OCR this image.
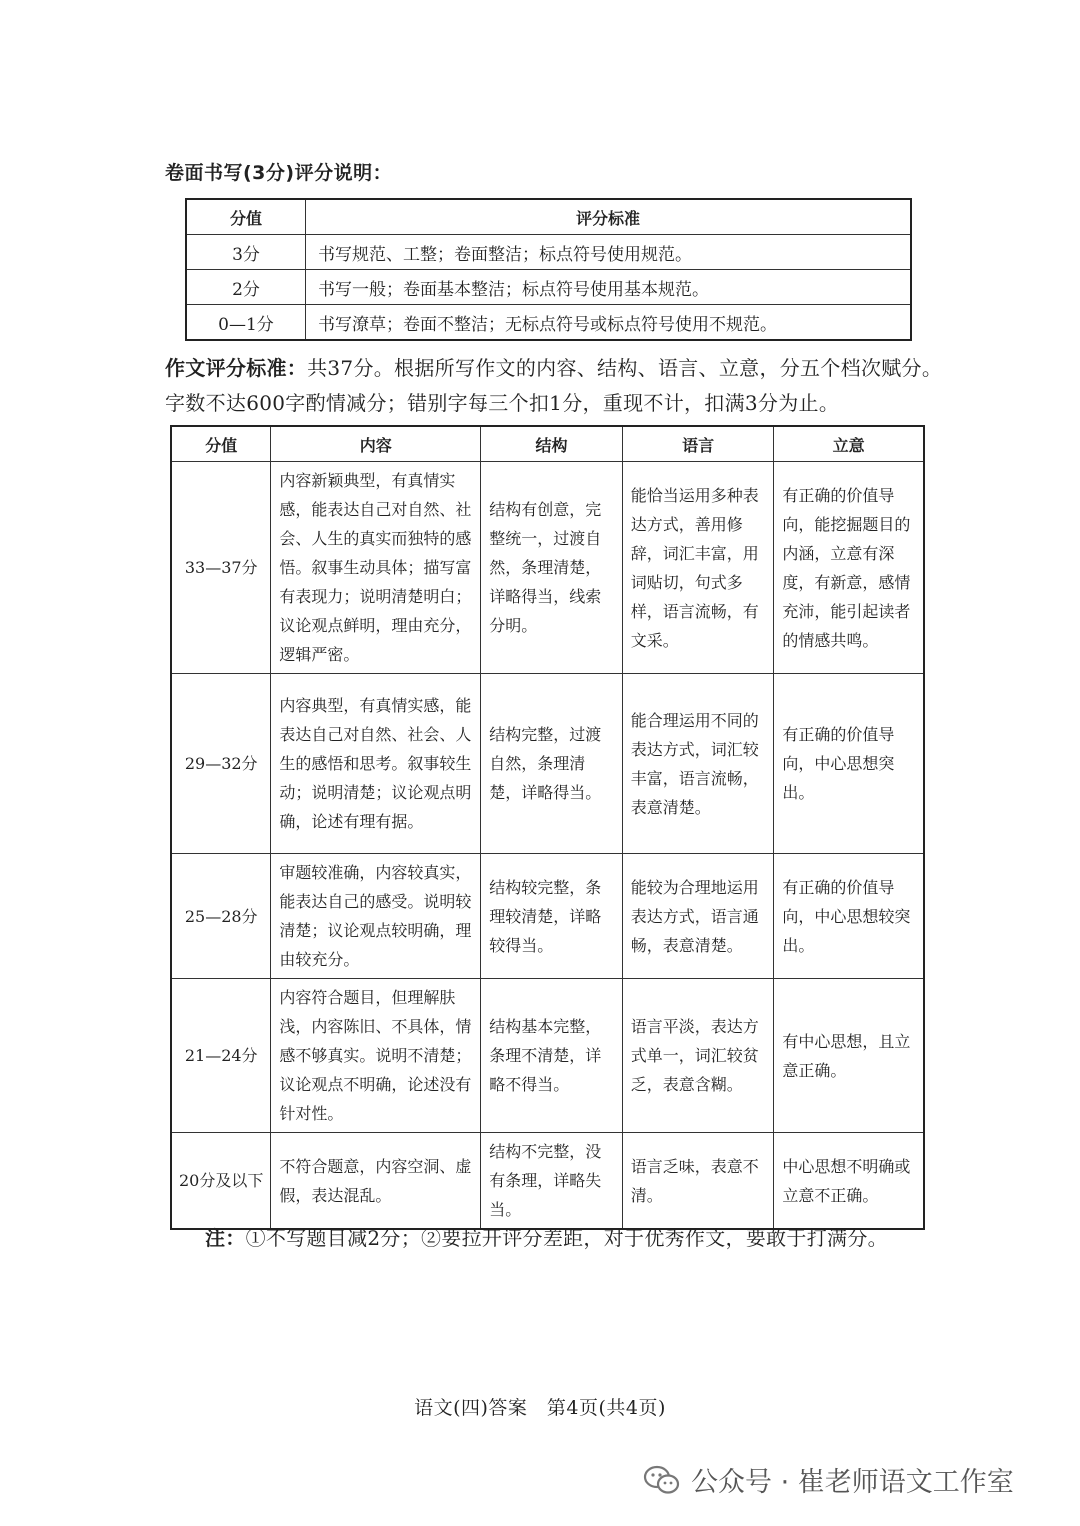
卷面书写(3分)评分说明：
分值	评分标准
3分	书写规范、工整；卷面整洁；标点符号使用规范。
2分	书写一般；卷面基本整洁；标点符号使用基本规范。
0—1分	书写潦草；卷面不整洁；无标点符号或标点符号使用不规范。
作文评分标准：共37分。根据所写作文的内容、结构、语言、立意，分五个档次赋分。
字数不达600字酌情减分；错别字每三个扣1分，重现不计，扣满3分为止。
分值	内容	结构	语言	立意
33—37分	内容新颖典型，有真情实感，能表达自己对自然、社会、人生的真实而独特的感悟。叙事生动具体；描写富有表现力；说明清楚明白；议论观点鲜明，理由充分，逻辑严密。	结构有创意，完整统一，过渡自然，条理清楚，详略得当，线索分明。	能恰当运用多种表达方式，善用修辞，词汇丰富，用词贴切，句式多样，语言流畅，有文采。	有正确的价值导向，能挖掘题目的内涵，立意有深度，有新意，感情充沛，能引起读者的情感共鸣。
29—32分	内容典型，有真情实感，能表达自己对自然、社会、人生的感悟和思考。叙事较生动；说明清楚；议论观点明确，论述有理有据。	结构完整，过渡自然，条理清楚，详略得当。	能合理运用不同的表达方式，词汇较丰富，语言流畅，表意清楚。	有正确的价值导向，中心思想突出。
25—28分	审题较准确，内容较真实，能表达自己的感受。说明较清楚；议论观点较明确，理由较充分。	结构较完整，条理较清楚，详略较得当。	能较为合理地运用表达方式，语言通畅，表意清楚。	有正确的价值导向，中心思想较突出。
21—24分	内容符合题目，但理解肤浅，内容陈旧、不具体，情感不够真实。说明不清楚；议论观点不明确，论述没有针对性。	结构基本完整，条理不清楚，详略不得当。	语言平淡，表达方式单一，词汇较贫乏，表意含糊。	有中心思想，且立意正确。
20分及以下	不符合题意，内容空洞、虚假，表达混乱。	结构不完整，没有条理，详略失当。	语言乏味，表意不清。	中心思想不明确或立意不正确。
注：①不写题目减2分；②要拉开评分差距，对于优秀作文，要敢于打满分。
语文(四)答案　第4页(共4页)
公众号 · 崔老师语文工作室
